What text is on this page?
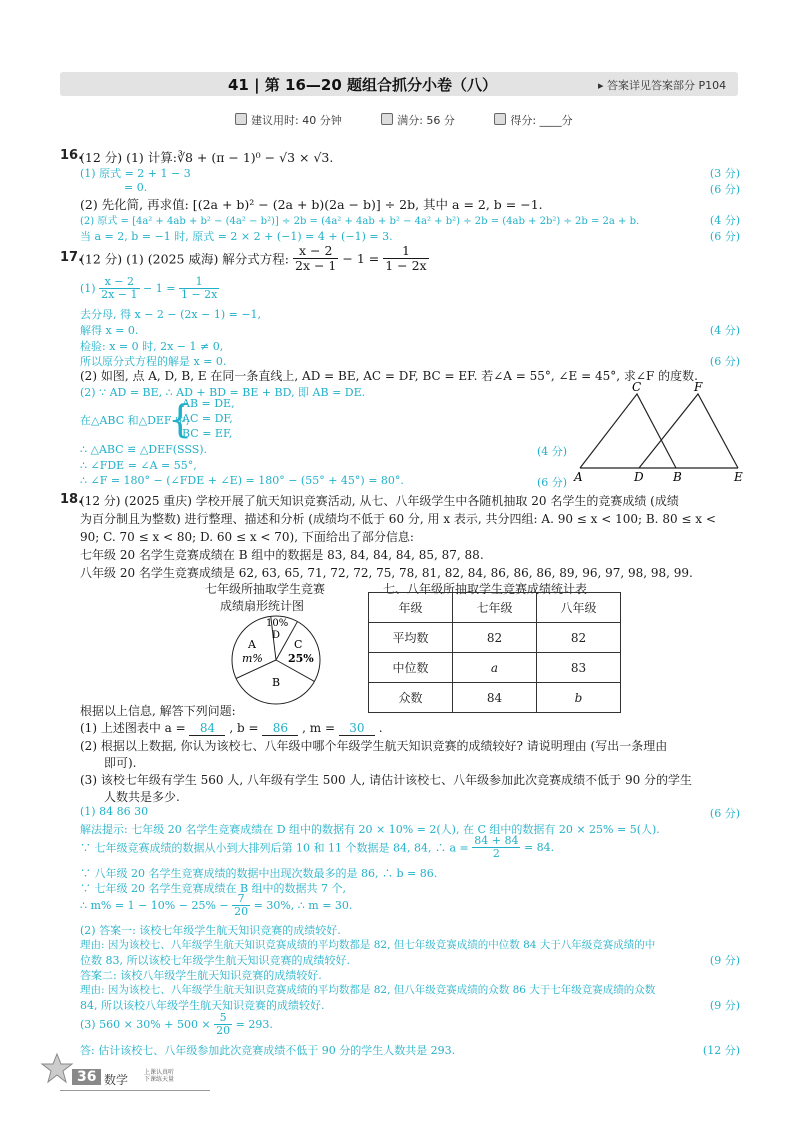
41 | 第 16—20 题组合抓分小卷（八）	▸ 答案详见答案部分 P104
建议用时: 40 分钟	满分: 56 分	得分: ____分
16.
(12 分) (1) 计算:∛8 + (π − 1)⁰ − √3 × √3.
(1) 原式 = 2 + 1 − 3	(3 分)
= 0.	(6 分)
(2) 先化简, 再求值: [(2a + b)² − (2a + b)(2a − b)] ÷ 2b, 其中 a = 2, b = −1.
(2) 原式 = [4a² + 4ab + b² − (4a² − b²)] ÷ 2b = (4a² + 4ab + b² − 4a² + b²) ÷ 2b = (4ab + 2b²) ÷ 2b = 2a + b.	(4 分)
当 a = 2, b = −1 时, 原式 = 2 × 2 + (−1) = 4 + (−1) = 3.	(6 分)
17.
(12 分) (1) (2025 威海) 解分式方程: $\frac{x - 2}{2x - 1} - 1 = \frac{1}{1 - 2x}$
$(1) \frac{x - 2}{2x - 1} - 1 = \frac{1}{1 - 2x}$
去分母, 得 x − 2 − (2x − 1) = −1,
解得 x = 0.	(4 分)
检验: x = 0 时, 2x − 1 ≠ 0,
所以原分式方程的解是 x = 0.	(6 分)
(2) 如图, 点 A, D, B, E 在同一条直线上, AD = BE, AC = DF, BC = EF. 若∠A = 55°, ∠E = 45°, 求∠F 的度数.
(2) ∵ AD = BE, ∴ AD + BD = BE + BD, 即 AB = DE.
在△ABC 和△DEF 中,
{
AB = DE,
AC = DF,
BC = EF,
∴ △ABC ≌ △DEF(SSS).	(4 分)
∴ ∠FDE = ∠A = 55°,
∴ ∠F = 180° − (∠FDE + ∠E) = 180° − (55° + 45°) = 80°.	(6 分) A	D B	E
C	F
18.
(12 分) (2025 重庆) 学校开展了航天知识竞赛活动, 从七、八年级学生中各随机抽取 20 名学生的竞赛成绩 (成绩
为百分制且为整数) 进行整理、描述和分析 (成绩均不低于 60 分, 用 x 表示, 共分四组: A. 90 ≤ x < 100; B. 80 ≤ x <
90; C. 70 ≤ x < 80; D. 60 ≤ x < 70), 下面给出了部分信息:
七年级 20 名学生竞赛成绩在 B 组中的数据是 83, 84, 84, 84, 85, 87, 88.
八年级 20 名学生竞赛成绩是 62, 63, 65, 71, 72, 72, 75, 78, 81, 82, 84, 86, 86, 86, 89, 96, 97, 98, 98, 99.
七年级所抽取学生竞赛
成绩扇形统计图
A
m%
B
C
25%
10%
D
七、八年级所抽取学生竞赛成绩统计表
年级	七年级	八年级
平均数	82	82
中位数	a	83
众数	84	b
根据以上信息, 解答下列问题:
(1) 上述图表中 a = 84 , b = 86 , m = 30 .
(2) 根据以上数据, 你认为该校七、八年级中哪个年级学生航天知识竞赛的成绩较好? 请说明理由 (写出一条理由
即可).
(3) 该校七年级有学生 560 人, 八年级有学生 500 人, 请估计该校七、八年级参加此次竞赛成绩不低于 90 分的学生
人数共是多少.
(1) 84 86 30	(6 分)
解法提示: 七年级 20 名学生竞赛成绩在 D 组中的数据有 20 × 10% = 2(人), 在 C 组中的数据有 20 × 25% = 5(人).
∵ 七年级竞赛成绩的数据从小到大排列后第 10 和 11 个数据是 84, 84, ∴ $a = \frac{84 + 84}{2} = 84$.
∵ 八年级 20 名学生竞赛成绩的数据中出现次数最多的是 86, ∴ b = 86.
∵ 七年级 20 名学生竞赛成绩在 B 组中的数据共 7 个,
∴ $m\% = 1 - 10\% - 25\% - \frac{7}{20} = 30\%$, ∴ m = 30.
(2) 答案一: 该校七年级学生航天知识竞赛的成绩较好.
理由: 因为该校七、八年级学生航天知识竞赛成绩的平均数都是 82, 但七年级竞赛成绩的中位数 84 大于八年级竞赛成绩的中
位数 83, 所以该校七年级学生航天知识竞赛的成绩较好.	(9 分)
答案二: 该校八年级学生航天知识竞赛的成绩较好.
理由: 因为该校七、八年级学生航天知识竞赛成绩的平均数都是 82, 但八年级竞赛成绩的众数 86 大于七年级竞赛成绩的众数
84, 所以该校八年级学生航天知识竞赛的成绩较好.	(9 分)
(3) $560 \times 30\% + 500 \times \frac{5}{20} = 293$.
答: 估计该校七、八年级参加此次竞赛成绩不低于 90 分的学生人数共是 293.	(12 分)
36 数学
上课认真听
下课练天量
